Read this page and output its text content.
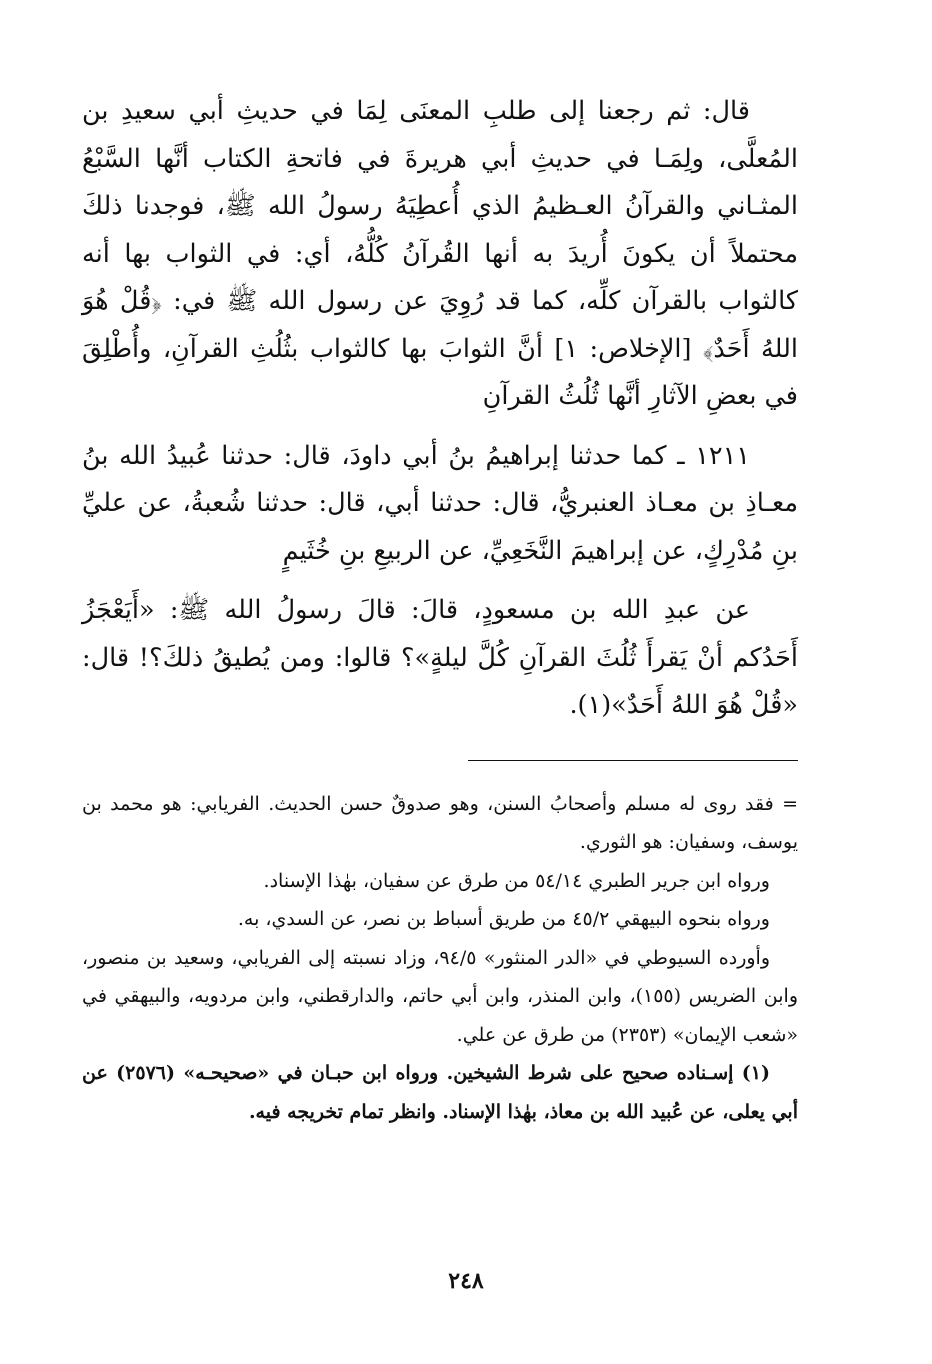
قال: ثم رجعنا إلى طلبِ المعنَى لِمَا في حديثِ أبي سعيدِ بن المُعلَّى، ولِمَـا في حديثِ أبي هريرةَ في فاتحةِ الكتاب أنَّها السَّبْعُ المثـاني والقرآنُ العـظيمُ الذي أُعطِيَهُ رسولُ الله ﷺ، فوجدنا ذلكَ محتملاً أن يكونَ أُريدَ به أنها القُرآنُ كُلُّهُ، أي: في الثواب بها أنه كالثواب بالقرآن كلِّه، كما قد رُوِيَ عن رسول الله ﷺ في: ﴿قُلْ هُوَ اللهُ أَحَدٌ﴾ [الإخلاص: ١] أنَّ الثوابَ بها كالثواب بثُلُثِ القرآنِ، وأُطْلِقَ في بعضِ الآثارِ أنَّها ثُلُثُ القرآنِ

١٢١١ ـ كما حدثنا إبراهيمُ بنُ أبي داودَ، قال: حدثنا عُبيدُ الله بنُ معـاذِ بن معـاذ العنبريُّ، قال: حدثنا أبي، قال: حدثنا شُعبةُ، عن عليِّ بنِ مُدْرِكٍ، عن إبراهيمَ النَّخَعِيِّ، عن الربيعِ بنِ خُثَيمٍ

عن عبدِ الله بن مسعودٍ، قالَ: قالَ رسولُ الله ﷺ: «أَيَعْجَزُ أَحَدُكم أنْ يَقرأَ ثُلُثَ القرآنِ كُلَّ ليلةٍ»؟ قالوا: ومن يُطيقُ ذلكَ؟! قال: «قُلْ هُوَ اللهُ أَحَدٌ»(١).

= فقد روى له مسلم وأصحابُ السنن، وهو صدوقٌ حسن الحديث. الفريابي: هو محمد بن يوسف، وسفيان: هو الثوري.

ورواه ابن جرير الطبري ٥٤/١٤ من طرق عن سفيان، بهٰذا الإسناد.

ورواه بنحوه البيهقي ٤٥/٢ من طريق أسباط بن نصر، عن السدي، به.

وأورده السيوطي في «الدر المنثور» ٩٤/٥، وزاد نسبته إلى الفريابي، وسعيد بن منصور، وابن الضريس (١٥٥)، وابن المنذر، وابن أبي حاتم، والدارقطني، وابن مردويه، والبيهقي في «شعب الإيمان» (٢٣٥٣) من طرق عن علي.

(١) إسـناده صحيح على شرط الشيخين. ورواه ابن حبـان في «صحيحـه» (٢٥٧٦) عن أبي يعلى، عن عُبيد الله بن معاذ، بهٰذا الإسناد. وانظر تمام تخريجه فيه.

٢٤٨
